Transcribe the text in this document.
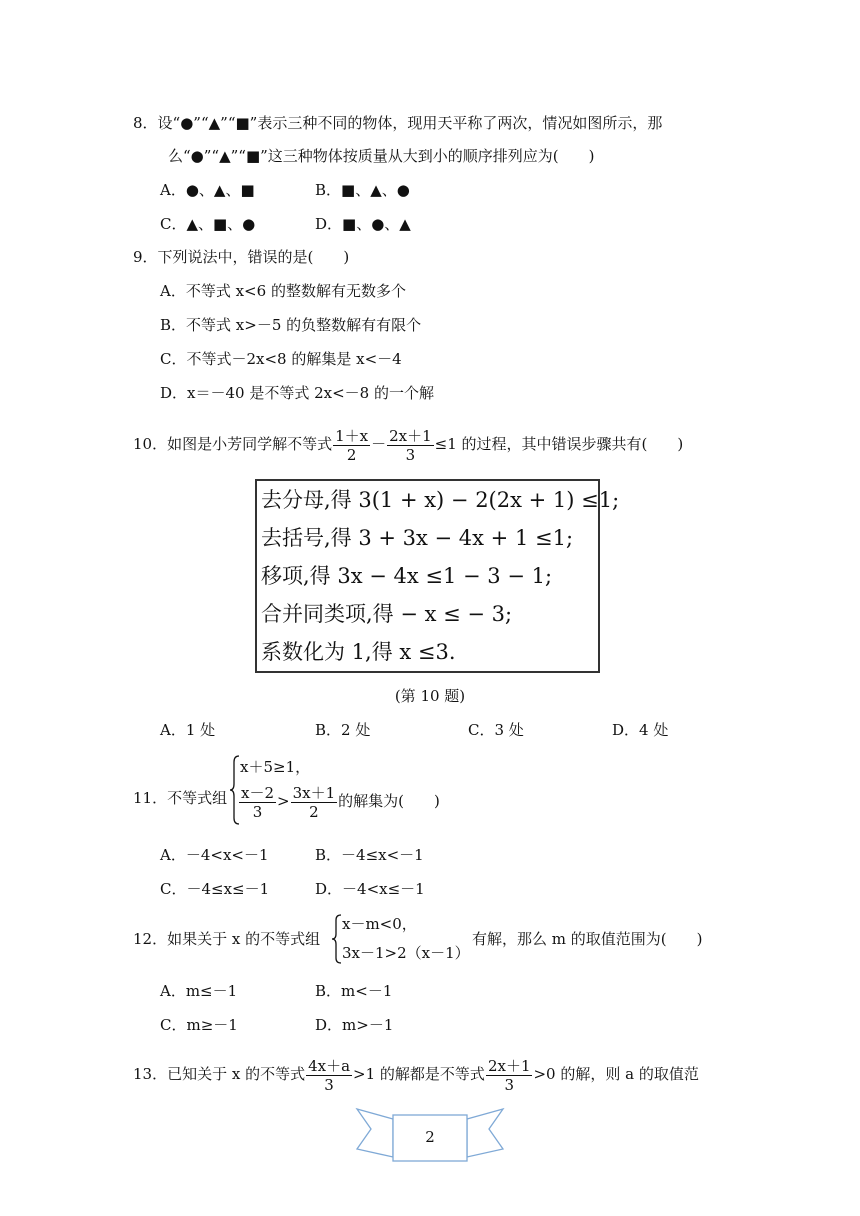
8．设“●”“▲”“■”表示三种不同的物体，现用天平称了两次，情况如图所示，那
么“●”“▲”“■”这三种物体按质量从大到小的顺序排列应为(　　)
A．●、▲、■	B．■、▲、●
C．▲、■、●	D．■、●、▲
9．下列说法中，错误的是(　　)
A．不等式 x<6 的整数解有无数多个
B．不等式 x>－5 的负整数解有有限个
C．不等式－2x<8 的解集是 x<－4
D．x＝－40 是不等式 2x<－8 的一个解
10．如图是小芳同学解不等式 $\frac{1+x}{2} - \frac{2x+1}{3} \le 1$ 的过程，其中错误步骤共有(　　)
去分母,得 3(1 + x) − 2(2x + 1) ≤1;
去括号,得 3 + 3x − 4x + 1 ≤1;
移项,得 3x − 4x ≤1 − 3 − 1;
合并同类项,得 − x ≤ − 3;
系数化为 1,得 x ≤3.
(第 10 题)
A．1 处	B．2 处	C．3 处	D．4 处
11．不等式组
x＋5≥1，
$\frac{x-2}{3} > \frac{3x+1}{2}$ 的解集为(　　)
A．－4<x<－1	B．－4≤x<－1
C．－4≤x≤－1	D．－4<x≤－1
12．如果关于 x 的不等式组
x－m<0，
3x－1>2（x－1）
有解，那么 m 的取值范围为(　　)
A．m≤－1	B．m<－1
C．m≥－1	D．m>－1
13．已知关于 x 的不等式 $\frac{4x+a}{3} >1$ 的解都是不等式 $\frac{2x+1}{3} >0$ 的解，则 a 的取值范
2
